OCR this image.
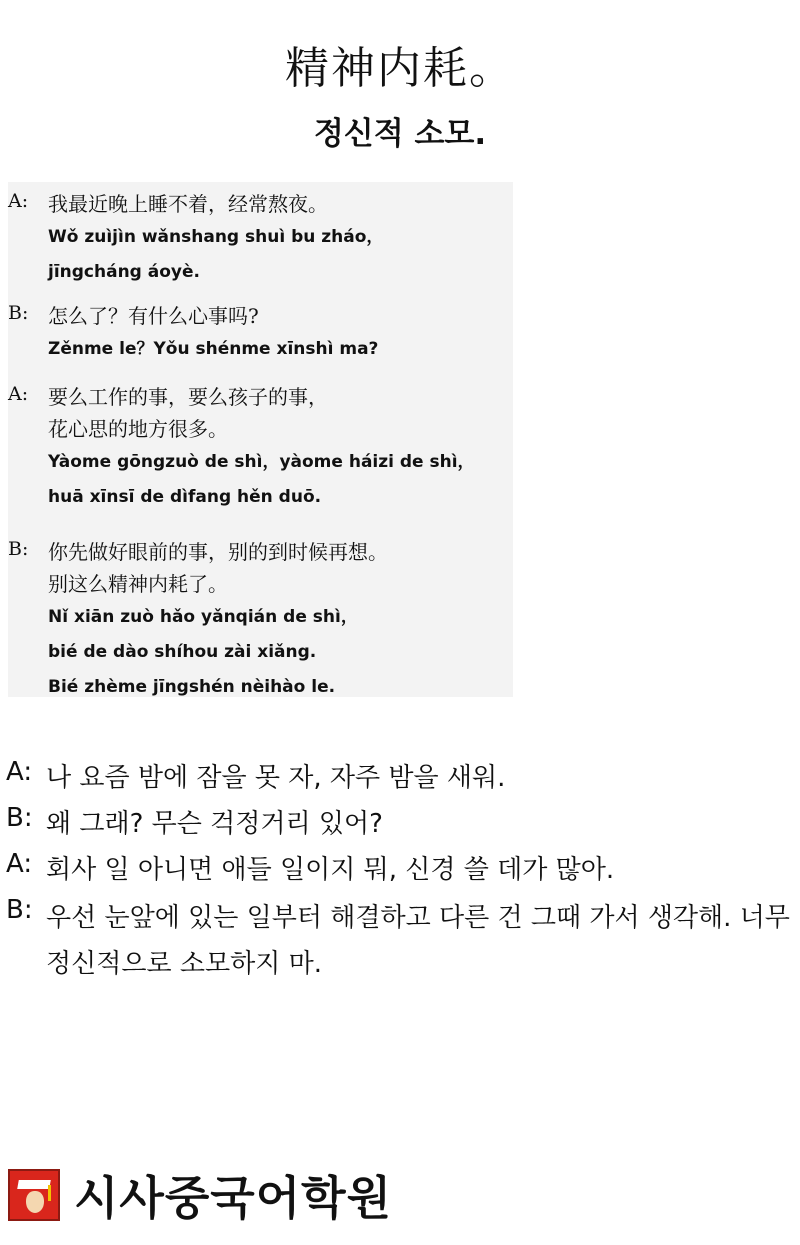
精神内耗。
정신적 소모.
A: 我最近晚上睡不着，经常熬夜。
Wǒ zuìjìn wǎnshang shuì bu zháo，
jīngcháng áoyè.
B: 怎么了？有什么心事吗?
Zěnme le？Yǒu shénme xīnshì ma?
A: 要么工作的事，要么孩子的事，
花心思的地方很多。
Yàome gōngzuò de shì，yàome háizi de shì，
huā xīnsī de dìfang hěn duō.
B: 你先做好眼前的事，别的到时候再想。
别这么精神内耗了。
Nǐ xiān zuò hǎo yǎnqián de shì，
bié de dào shíhou zài xiǎng.
Bié zhème jīngshén nèihào le.
A: 나 요즘 밤에 잠을 못 자, 자주 밤을 새워.
B: 왜 그래? 무슨 걱정거리 있어?
A: 회사 일 아니면 애들 일이지 뭐, 신경 쓸 데가 많아.
B: 우선 눈앞에 있는 일부터 해결하고 다른 건 그때 가서 생각해. 너무 정신적으로 소모하지 마.
시사중국어학원
